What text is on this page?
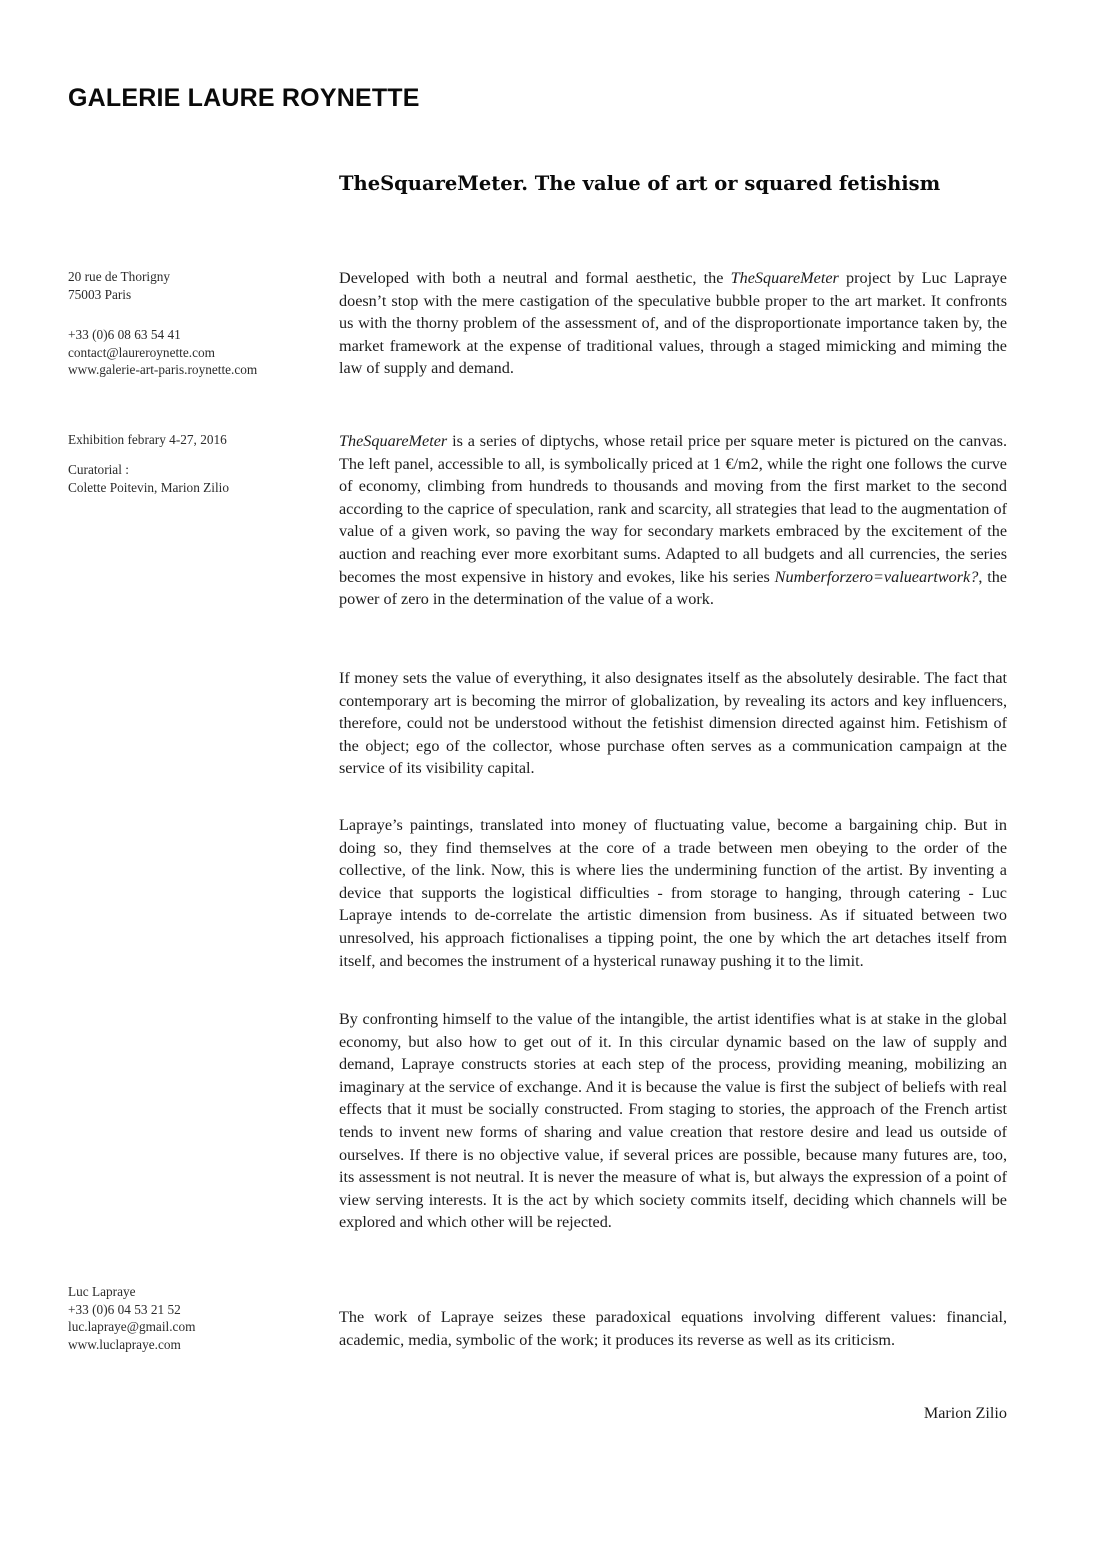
GALERIE LAURE ROYNETTE
TheSquareMeter. The value of art or squared fetishism

20 rue de Thorigny

75003 Paris

+33 (0)6 08 63 54 41

contact@laureroynette.com

www.galerie-art-paris.roynette.com

Exhibition febrary 4-27, 2016

Curatorial :

Colette Poitevin, Marion Zilio

Luc Lapraye

+33 (0)6 04 53 21 52

luc.lapraye@gmail.com

www.luclapraye.com

Developed with both a neutral and formal aesthetic, the TheSquareMeter project by Luc Lapraye doesn’t stop with the mere castigation of the speculative bubble proper to the art market. It confronts us with the thorny problem of the assessment of, and of the disproportionate importance taken by, the market framework at the expense of traditional values, through a staged mimicking and miming the law of supply and demand.

TheSquareMeter is a series of diptychs, whose retail price per square meter is pictured on the canvas. The left panel, accessible to all, is symbolically priced at 1 €/m2, while the right one follows the curve of economy, climbing from hundreds to thousands and moving from the first market to the second according to the caprice of speculation, rank and scarcity, all strategies that lead to the augmentation of value of a given work, so paving the way for secondary markets embraced by the excitement of the auction and reaching ever more exorbitant sums. Adapted to all budgets and all currencies, the series becomes the most expensive in history and evokes, like his series Numberforzero=valueartwork?, the power of zero in the determination of the value of a work.

If money sets the value of everything, it also designates itself as the absolutely desirable. The fact that contemporary art is becoming the mirror of globalization, by revealing its actors and key influencers, therefore, could not be understood without the fetishist dimension directed against him. Fetishism of the object; ego of the collector, whose purchase often serves as a communication campaign at the service of its visibility capital.

Lapraye’s paintings, translated into money of fluctuating value, become a bargaining chip. But in doing so, they find themselves at the core of a trade between men obeying to the order of the collective, of the link. Now, this is where lies the undermining function of the artist. By inventing a device that supports the logistical difficulties - from storage to hanging, through catering - Luc Lapraye intends to de-correlate the artistic dimension from business. As if situated between two unresolved, his approach fictionalises a tipping point, the one by which the art detaches itself from itself, and becomes the instrument of a hysterical runaway pushing it to the limit.

By confronting himself to the value of the intangible, the artist identifies what is at stake in the global economy, but also how to get out of it. In this circular dynamic based on the law of supply and demand, Lapraye constructs stories at each step of the process, providing meaning, mobilizing an imaginary at the service of exchange. And it is because the value is first the subject of beliefs with real effects that it must be socially constructed. From staging to stories, the approach of the French artist tends to invent new forms of sharing and value creation that restore desire and lead us outside of ourselves. If there is no objective value, if several prices are possible, because many futures are, too, its assessment is not neutral. It is never the measure of what is, but always the expression of a point of view serving interests. It is the act by which society commits itself, deciding which channels will be explored and which other will be rejected.

The work of Lapraye seizes these paradoxical equations involving different values: financial, academic, media, symbolic of the work; it produces its reverse as well as its criticism.

Marion Zilio
